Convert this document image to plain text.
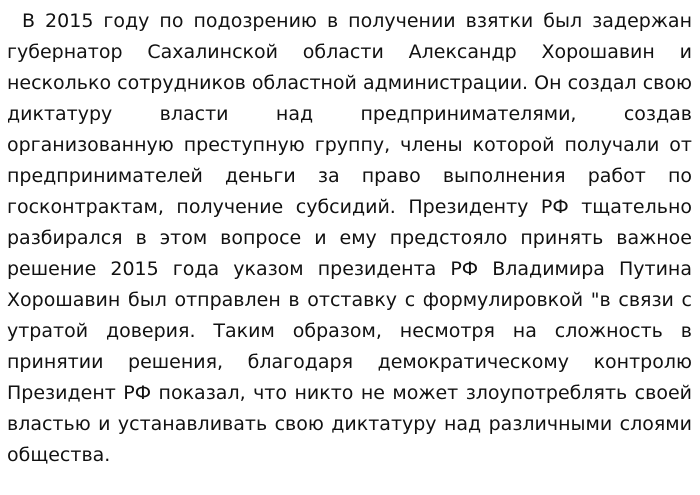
В 2015 году по подозрению в получении взятки был задержан губернатор Сахалинской области Александр Хорошавин и несколько сотрудников областной администрации. Он создал свою диктатуру власти над предпринимателями, создав организованную преступную группу, члены которой получали от предпринимателей деньги за право выполнения работ по госконтрактам, получение субсидий. Президенту РФ тщательно разбирался в этом вопросе и ему предстояло принять важное решение 2015 года указом президента РФ Владимира Путина Хорошавин был отправлен в отставку с формулировкой "в связи с утратой доверия. Таким образом, несмотря на сложность в принятии решения, благодаря демократическому контролю Президент РФ показал, что никто не может злоупотреблять своей властью и устанавливать свою диктатуру над различными слоями общества.
